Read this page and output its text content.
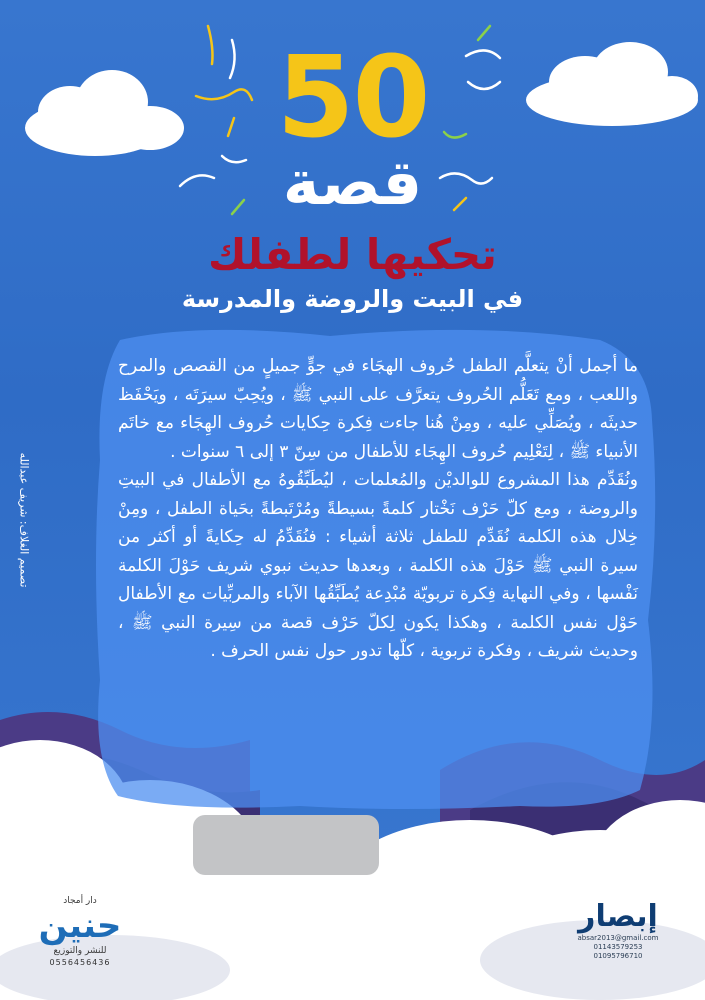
50
قصة
تحكيها لطفلك
في البيت والروضة والمدرسة

ما أجمل أنْ يتعلَّم الطفل حُروف الهجَاء في جوٍّ جميلٍ من القصص والمرح واللعب ، ومع تَعَلُّم الحُروف يتعرَّف على النبي ﷺ ، ويُحِبّ سيرَتَه ، ويَحْفَظ حديثَه ، ويُصَلِّي عليه ، ومِنْ هُنا جاءت فِكرة حِكايات حُروف الهِجَاء مع خاتَم الأنبياء ﷺ ، لِتَعْلِيم حُروف الهِجَاء للأطفال من سِنّ ٣ إلى ٦ سنوات .

ونُقَدِّم هذا المشروع للوالديْن والمُعلمات ، ليُطَبِّقُوهُ مع الأطفال في البيتِ والروضة ، ومع كلّ حَرْف نَخْتار كلمةً بسيطةً ومُرْتَبطةً بحَياة الطفل ، ومِنْ خِلال هذه الكلمة نُقَدِّم للطفل ثلاثة أشياء : فنُقَدِّمُ له حِكايةً أو أكثر من سيرة النبي ﷺ حَوْلَ هذه الكلمة ، وبعدها حديث نبوي شريف حَوْلَ الكلمة نَفْسها ، وفي النهاية فِكرة تربويّة مُبْدِعة يُطَبِّقُها الآباء والمربِّيات مع الأطفال حَوْل نفس الكلمة ، وهكذا يكون لِكلّ حَرْف قصة من سِيرة النبي ﷺ ، وحديث شريف ، وفكرة تربوية ، كلّها تدور حول نفس الحرف .

تصميم الغلاف: شريف عبدالله
دار أمجاد
حنين
للنشر والتوزيع
0556456436
إبصار
absar2013@gmail.com
01143579253
01095796710
